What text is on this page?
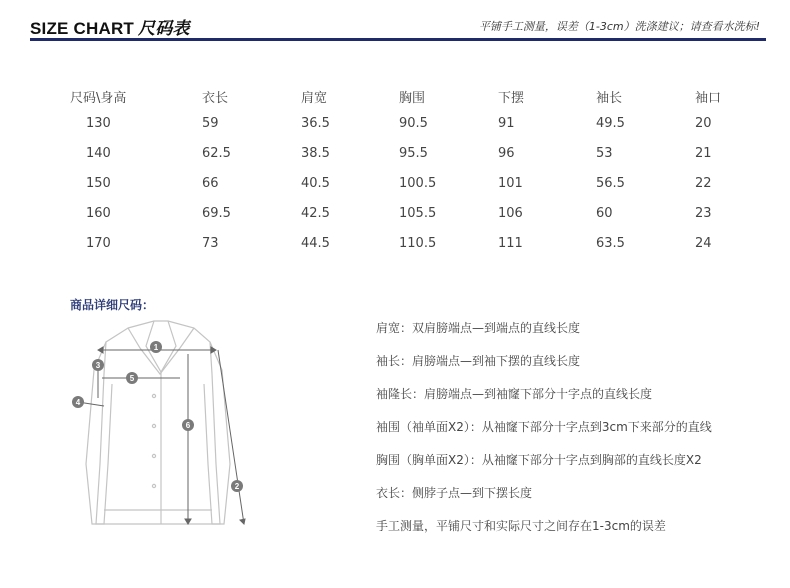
SIZE CHART 尺码表	平铺手工测量，误差（1-3cm）洗涤建议；请查看水洗标!
尺码\身高	衣长	肩宽	胸围	下摆	袖长	袖口
130	59	36.5	90.5	91	49.5	20
140	62.5	38.5	95.5	96	53	21
150	66	40.5	100.5	101	56.5	22
160	69.5	42.5	105.5	106	60	23
170	73	44.5	110.5	111	63.5	24
商品详细尺码：
1
2
3
4
5
6
肩宽：双肩膀端点—到端点的直线长度
袖长：肩膀端点—到袖下摆的直线长度
袖隆长：肩膀端点—到袖窿下部分十字点的直线长度
袖围（袖单面X2）：从袖窿下部分十字点到3cm下来部分的直线
胸围（胸单面X2）：从袖窿下部分十字点到胸部的直线长度X2
衣长：侧脖子点—到下摆长度
手工测量，平铺尺寸和实际尺寸之间存在1-3cm的误差
